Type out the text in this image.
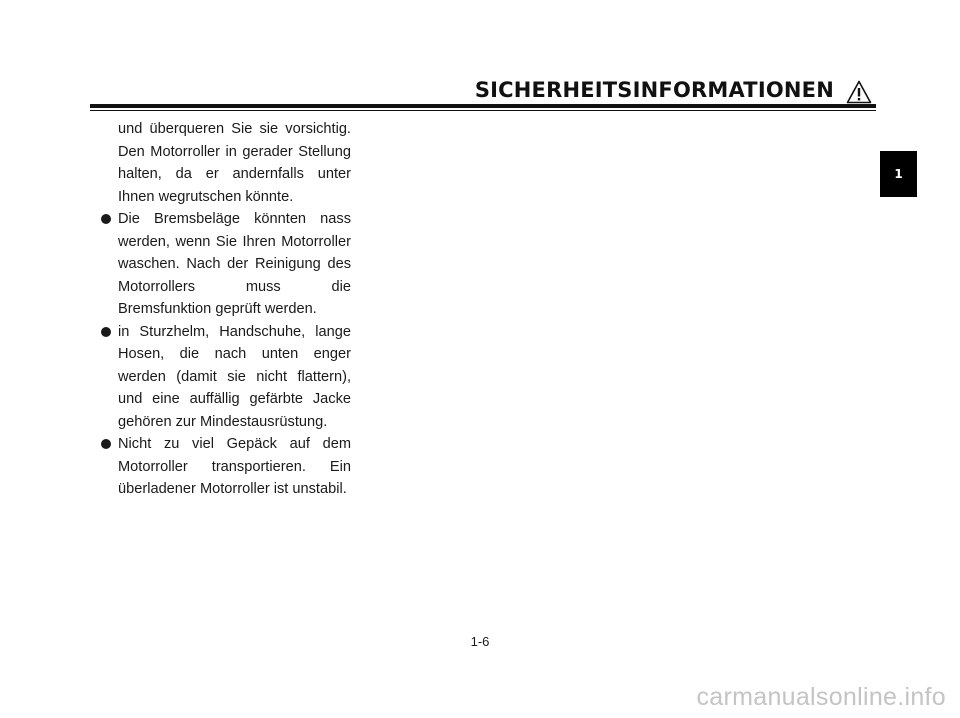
SICHERHEITSINFORMATIONEN
1

und überqueren Sie sie vorsichtig. Den Motorroller in gerader Stellung halten, da er andernfalls unter Ihnen wegrutschen könnte.

Die Bremsbeläge könnten nass werden, wenn Sie Ihren Motorroller waschen. Nach der Reinigung des Motorrollers muss die Bremsfunktion geprüft werden.
in Sturzhelm, Handschuhe, lange Hosen, die nach unten enger werden (damit sie nicht flattern), und eine auffällig gefärbte Jacke gehören zur Mindestausrüstung.
Nicht zu viel Gepäck auf dem Motorroller transportieren. Ein überladener Motorroller ist unstabil.
1-6
carmanualsonline.info
